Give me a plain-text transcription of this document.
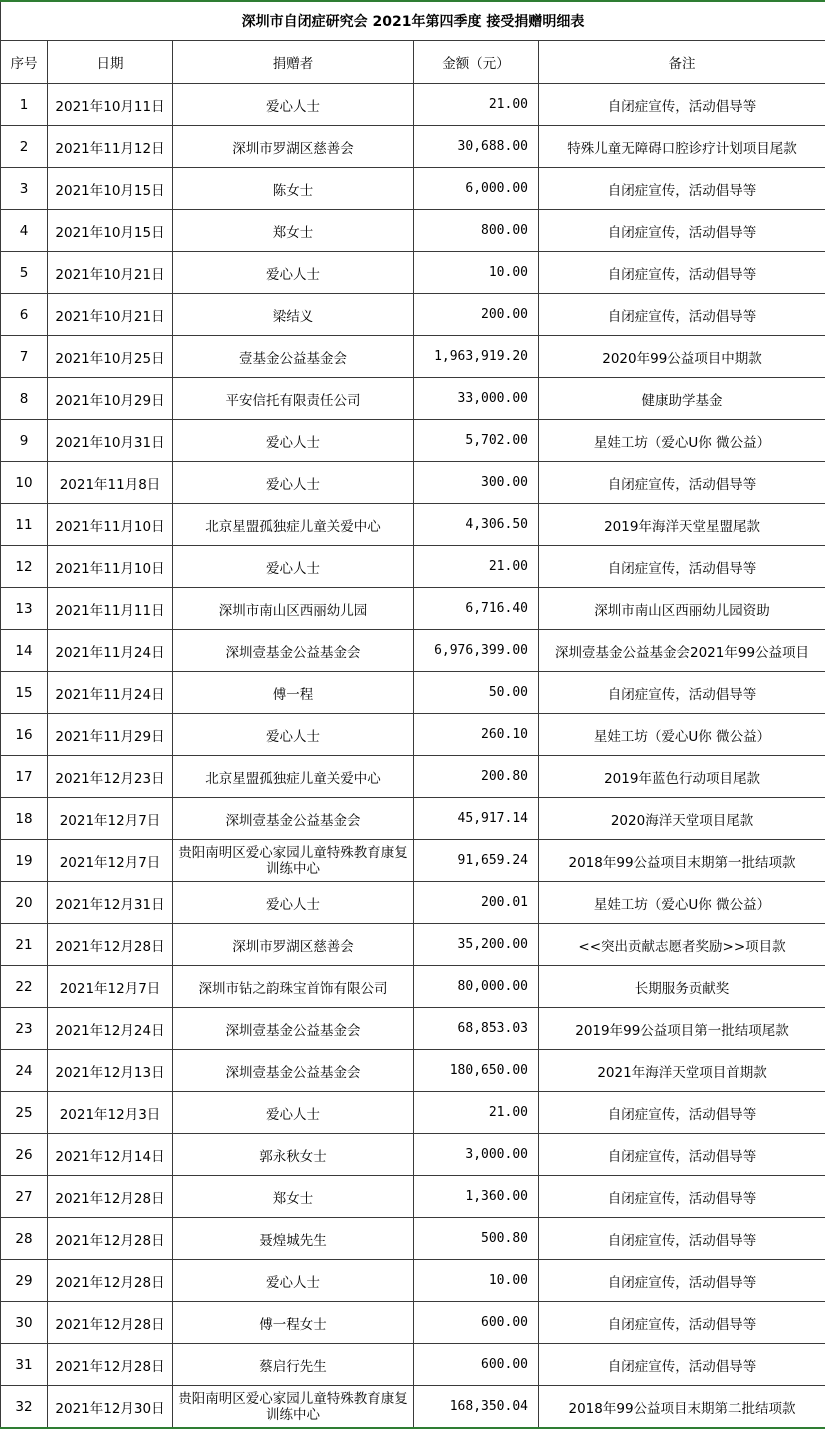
深圳市自闭症研究会 2021年第四季度 接受捐赠明细表				
序号	日期	捐赠者	金额（元）	备注
1	2021年10月11日	爱心人士	21.00	自闭症宣传，活动倡导等
2	2021年11月12日	深圳市罗湖区慈善会	30,688.00	特殊儿童无障碍口腔诊疗计划项目尾款
3	2021年10月15日	陈女士	6,000.00	自闭症宣传，活动倡导等
4	2021年10月15日	郑女士	800.00	自闭症宣传，活动倡导等
5	2021年10月21日	爱心人士	10.00	自闭症宣传，活动倡导等
6	2021年10月21日	梁结义	200.00	自闭症宣传，活动倡导等
7	2021年10月25日	壹基金公益基金会	1,963,919.20	2020年99公益项目中期款
8	2021年10月29日	平安信托有限责任公司	33,000.00	健康助学基金
9	2021年10月31日	爱心人士	5,702.00	星娃工坊（爱心U你 微公益）
10	2021年11月8日	爱心人士	300.00	自闭症宣传，活动倡导等
11	2021年11月10日	北京星盟孤独症儿童关爱中心	4,306.50	2019年海洋天堂星盟尾款
12	2021年11月10日	爱心人士	21.00	自闭症宣传，活动倡导等
13	2021年11月11日	深圳市南山区西丽幼儿园	6,716.40	深圳市南山区西丽幼儿园资助
14	2021年11月24日	深圳壹基金公益基金会	6,976,399.00	深圳壹基金公益基金会2021年99公益项目
15	2021年11月24日	傅一程	50.00	自闭症宣传，活动倡导等
16	2021年11月29日	爱心人士	260.10	星娃工坊（爱心U你 微公益）
17	2021年12月23日	北京星盟孤独症儿童关爱中心	200.80	2019年蓝色行动项目尾款
18	2021年12月7日	深圳壹基金公益基金会	45,917.14	2020海洋天堂项目尾款
19	2021年12月7日	贵阳南明区爱心家园儿童特殊教育康复训练中心	91,659.24	2018年99公益项目末期第一批结项款
20	2021年12月31日	爱心人士	200.01	星娃工坊（爱心U你 微公益）
21	2021年12月28日	深圳市罗湖区慈善会	35,200.00	<<突出贡献志愿者奖励>>项目款
22	2021年12月7日	深圳市钻之韵珠宝首饰有限公司	80,000.00	长期服务贡献奖
23	2021年12月24日	深圳壹基金公益基金会	68,853.03	2019年99公益项目第一批结项尾款
24	2021年12月13日	深圳壹基金公益基金会	180,650.00	2021年海洋天堂项目首期款
25	2021年12月3日	爱心人士	21.00	自闭症宣传，活动倡导等
26	2021年12月14日	郭永秋女士	3,000.00	自闭症宣传，活动倡导等
27	2021年12月28日	郑女士	1,360.00	自闭症宣传，活动倡导等
28	2021年12月28日	聂煌城先生	500.80	自闭症宣传，活动倡导等
29	2021年12月28日	爱心人士	10.00	自闭症宣传，活动倡导等
30	2021年12月28日	傅一程女士	600.00	自闭症宣传，活动倡导等
31	2021年12月28日	蔡启行先生	600.00	自闭症宣传，活动倡导等
32	2021年12月30日	贵阳南明区爱心家园儿童特殊教育康复训练中心	168,350.04	2018年99公益项目末期第二批结项款
